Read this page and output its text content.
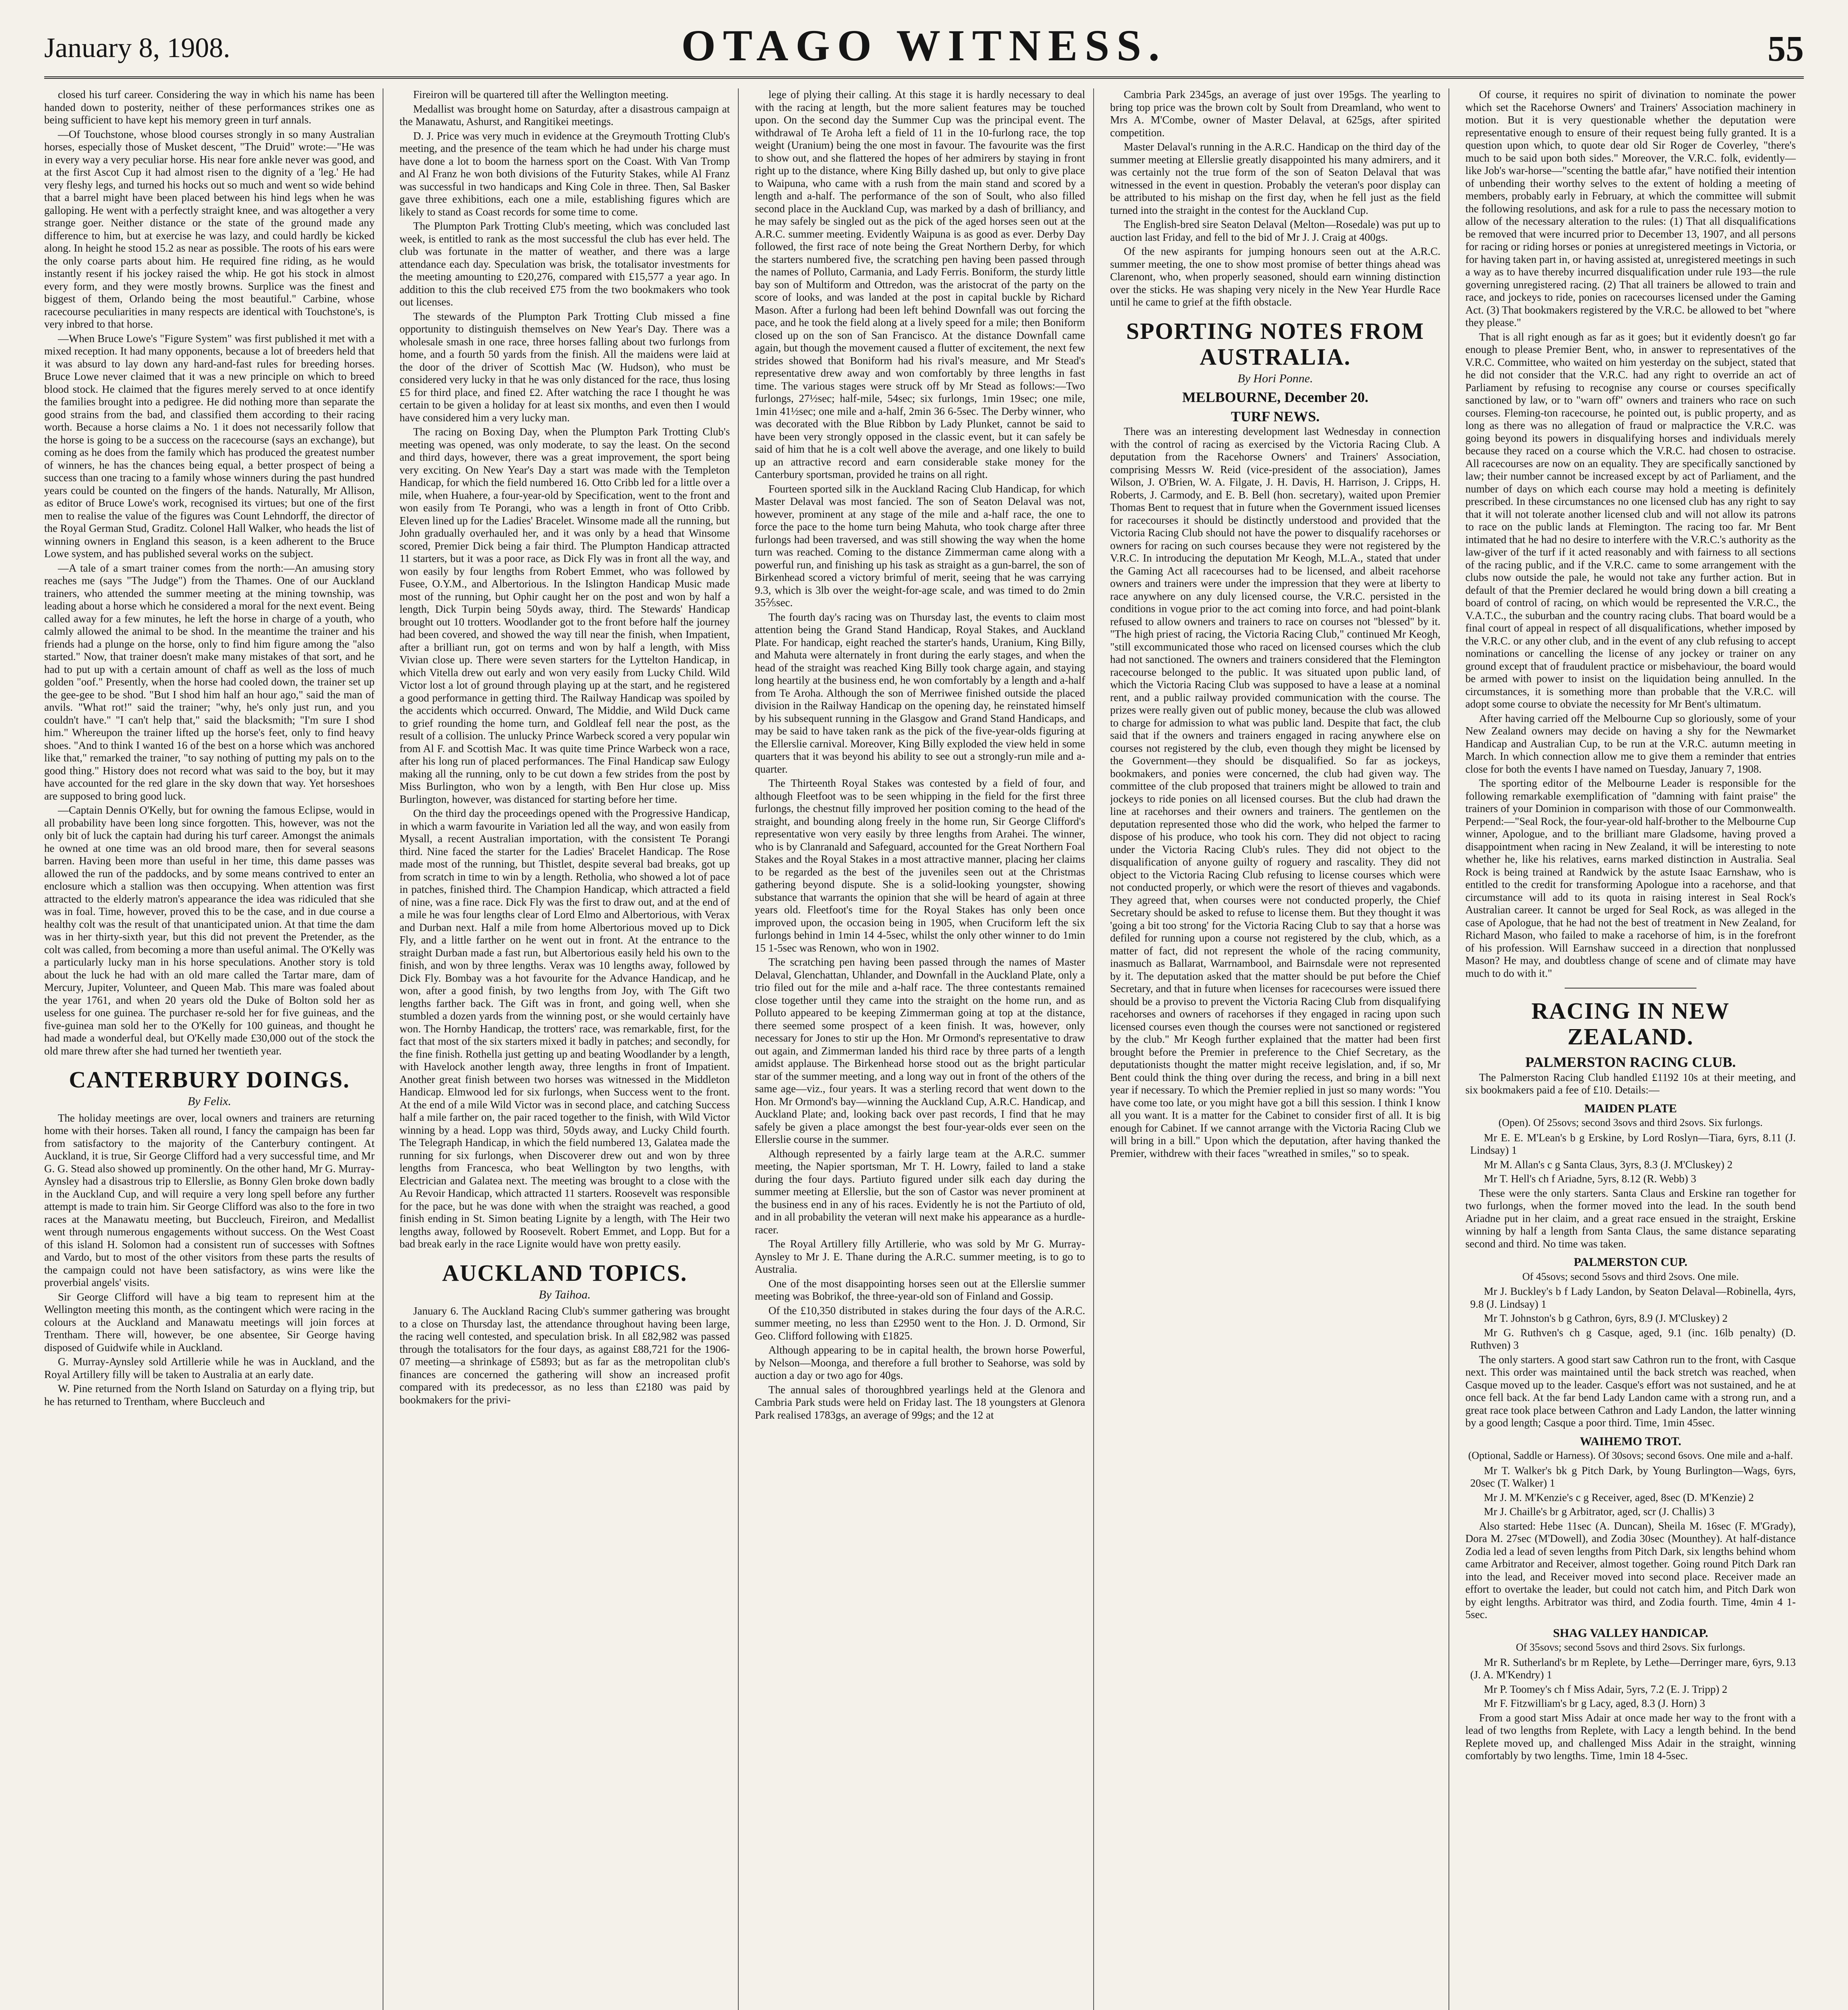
January 8, 1908.	OTAGO WITNESS.	55

closed his turf career. Considering the way in which his name has been handed down to posterity, neither of these performances strikes one as being sufficient to have kept his memory green in turf annals.

—Of Touchstone, whose blood courses strongly in so many Australian horses, especially those of Musket descent, "The Druid" wrote:—"He was in every way a very peculiar horse. His near fore ankle never was good, and at the first Ascot Cup it had almost risen to the dignity of a 'leg.' He had very fleshy legs, and turned his hocks out so much and went so wide behind that a barrel might have been placed between his hind legs when he was galloping. He went with a perfectly straight knee, and was altogether a very strange goer. Neither distance or the state of the ground made any difference to him, but at exercise he was lazy, and could hardly be kicked along. In height he stood 15.2 as near as possible. The roots of his ears were the only coarse parts about him. He required fine riding, as he would instantly resent if his jockey raised the whip. He got his stock in almost every form, and they were mostly browns. Surplice was the finest and biggest of them, Orlando being the most beautiful." Carbine, whose racecourse peculiarities in many respects are identical with Touchstone's, is very inbred to that horse.

—When Bruce Lowe's "Figure System" was first published it met with a mixed reception. It had many opponents, because a lot of breeders held that it was absurd to lay down any hard-and-fast rules for breeding horses. Bruce Lowe never claimed that it was a new principle on which to breed blood stock. He claimed that the figures merely served to at once identify the families brought into a pedigree. He did nothing more than separate the good strains from the bad, and classified them according to their racing worth. Because a horse claims a No. 1 it does not necessarily follow that the horse is going to be a success on the racecourse (says an exchange), but coming as he does from the family which has produced the greatest number of winners, he has the chances being equal, a better prospect of being a success than one tracing to a family whose winners during the past hundred years could be counted on the fingers of the hands. Naturally, Mr Allison, as editor of Bruce Lowe's work, recognised its virtues; but one of the first men to realise the value of the figures was Count Lehndorff, the director of the Royal German Stud, Graditz. Colonel Hall Walker, who heads the list of winning owners in England this season, is a keen adherent to the Bruce Lowe system, and has published several works on the subject.

—A tale of a smart trainer comes from the north:—An amusing story reaches me (says "The Judge") from the Thames. One of our Auckland trainers, who attended the summer meeting at the mining township, was leading about a horse which he considered a moral for the next event. Being called away for a few minutes, he left the horse in charge of a youth, who calmly allowed the animal to be shod. In the meantime the trainer and his friends had a plunge on the horse, only to find him figure among the "also started." Now, that trainer doesn't make many mistakes of that sort, and he had to put up with a certain amount of chaff as well as the loss of much golden "oof." Presently, when the horse had cooled down, the trainer set up the gee-gee to be shod. "But I shod him half an hour ago," said the man of anvils. "What rot!" said the trainer; "why, he's only just run, and you couldn't have." "I can't help that," said the blacksmith; "I'm sure I shod him." Whereupon the trainer lifted up the horse's feet, only to find heavy shoes. "And to think I wanted 16 of the best on a horse which was anchored like that," remarked the trainer, "to say nothing of putting my pals on to the good thing." History does not record what was said to the boy, but it may have accounted for the red glare in the sky down that way. Yet horseshoes are supposed to bring good luck.

—Captain Dennis O'Kelly, but for owning the famous Eclipse, would in all probability have been long since forgotten. This, however, was not the only bit of luck the captain had during his turf career. Amongst the animals he owned at one time was an old brood mare, then for several seasons barren. Having been more than useful in her time, this dame passes was allowed the run of the paddocks, and by some means contrived to enter an enclosure which a stallion was then occupying. When attention was first attracted to the elderly matron's appearance the idea was ridiculed that she was in foal. Time, however, proved this to be the case, and in due course a healthy colt was the result of that unanticipated union. At that time the dam was in her thirty-sixth year, but this did not prevent the Pretender, as the colt was called, from becoming a more than useful animal. The O'Kelly was a particularly lucky man in his horse speculations. Another story is told about the luck he had with an old mare called the Tartar mare, dam of Mercury, Jupiter, Volunteer, and Queen Mab. This mare was foaled about the year 1761, and when 20 years old the Duke of Bolton sold her as useless for one guinea. The purchaser re-sold her for five guineas, and the five-guinea man sold her to the O'Kelly for 100 guineas, and thought he had made a wonderful deal, but O'Kelly made £30,000 out of the stock the old mare threw after she had turned her twentieth year.

CANTERBURY DOINGS.
By Felix.

The holiday meetings are over, local owners and trainers are returning home with their horses. Taken all round, I fancy the campaign has been far from satisfactory to the majority of the Canterbury contingent. At Auckland, it is true, Sir George Clifford had a very successful time, and Mr G. G. Stead also showed up prominently. On the other hand, Mr G. Murray-Aynsley had a disastrous trip to Ellerslie, as Bonny Glen broke down badly in the Auckland Cup, and will require a very long spell before any further attempt is made to train him. Sir George Clifford was also to the fore in two races at the Manawatu meeting, but Buccleuch, Fireiron, and Medallist went through numerous engagements without success. On the West Coast of this island H. Solomon had a consistent run of successes with Softnes and Vardo, but to most of the other visitors from these parts the results of the campaign could not have been satisfactory, as wins were like the proverbial angels' visits.

Sir George Clifford will have a big team to represent him at the Wellington meeting this month, as the contingent which were racing in the colours at the Auckland and Manawatu meetings will join forces at Trentham. There will, however, be one absentee, Sir George having disposed of Guidwife while in Auckland.

G. Murray-Aynsley sold Artillerie while he was in Auckland, and the Royal Artillery filly will be taken to Australia at an early date.

W. Pine returned from the North Island on Saturday on a flying trip, but he has returned to Trentham, where Buccleuch and

Fireiron will be quartered till after the Wellington meeting.

Medallist was brought home on Saturday, after a disastrous campaign at the Manawatu, Ashurst, and Rangitikei meetings.

D. J. Price was very much in evidence at the Greymouth Trotting Club's meeting, and the presence of the team which he had under his charge must have done a lot to boom the harness sport on the Coast. With Van Tromp and Al Franz he won both divisions of the Futurity Stakes, while Al Franz was successful in two handicaps and King Cole in three. Then, Sal Basker gave three exhibitions, each one a mile, establishing figures which are likely to stand as Coast records for some time to come.

The Plumpton Park Trotting Club's meeting, which was concluded last week, is entitled to rank as the most successful the club has ever held. The club was fortunate in the matter of weather, and there was a large attendance each day. Speculation was brisk, the totalisator investments for the meeting amounting to £20,276, compared with £15,577 a year ago. In addition to this the club received £75 from the two bookmakers who took out licenses.

The stewards of the Plumpton Park Trotting Club missed a fine opportunity to distinguish themselves on New Year's Day. There was a wholesale smash in one race, three horses falling about two furlongs from home, and a fourth 50 yards from the finish. All the maidens were laid at the door of the driver of Scottish Mac (W. Hudson), who must be considered very lucky in that he was only distanced for the race, thus losing £5 for third place, and fined £2. After watching the race I thought he was certain to be given a holiday for at least six months, and even then I would have considered him a very lucky man.

The racing on Boxing Day, when the Plumpton Park Trotting Club's meeting was opened, was only moderate, to say the least. On the second and third days, however, there was a great improvement, the sport being very exciting. On New Year's Day a start was made with the Templeton Handicap, for which the field numbered 16. Otto Cribb led for a little over a mile, when Huahere, a four-year-old by Specification, went to the front and won easily from Te Porangi, who was a length in front of Otto Cribb. Eleven lined up for the Ladies' Bracelet. Winsome made all the running, but John gradually overhauled her, and it was only by a head that Winsome scored, Premier Dick being a fair third. The Plumpton Handicap attracted 11 starters, but it was a poor race, as Dick Fly was in front all the way, and won easily by four lengths from Robert Emmet, who was followed by Fusee, O.Y.M., and Albertorious. In the Islington Handicap Music made most of the running, but Ophir caught her on the post and won by half a length, Dick Turpin being 50yds away, third. The Stewards' Handicap brought out 10 trotters. Woodlander got to the front before half the journey had been covered, and showed the way till near the finish, when Impatient, after a brilliant run, got on terms and won by half a length, with Miss Vivian close up. There were seven starters for the Lyttelton Handicap, in which Vitella drew out early and won very easily from Lucky Child. Wild Victor lost a lot of ground through playing up at the start, and he registered a good performance in getting third. The Railway Handicap was spoiled by the accidents which occurred. Onward, The Middie, and Wild Duck came to grief rounding the home turn, and Goldleaf fell near the post, as the result of a collision. The unlucky Prince Warbeck scored a very popular win from Al F. and Scottish Mac. It was quite time Prince Warbeck won a race, after his long run of placed performances. The Final Handicap saw Eulogy making all the running, only to be cut down a few strides from the post by Miss Burlington, who won by a length, with Ben Hur close up. Miss Burlington, however, was distanced for starting before her time.

On the third day the proceedings opened with the Progressive Handicap, in which a warm favourite in Variation led all the way, and won easily from Mysall, a recent Australian importation, with the consistent Te Porangi third. Nine faced the starter for the Ladies' Bracelet Handicap. The Rose made most of the running, but Thistlet, despite several bad breaks, got up from scratch in time to win by a length. Retholia, who showed a lot of pace in patches, finished third. The Champion Handicap, which attracted a field of nine, was a fine race. Dick Fly was the first to draw out, and at the end of a mile he was four lengths clear of Lord Elmo and Albertorious, with Verax and Durban next. Half a mile from home Albertorious moved up to Dick Fly, and a little farther on he went out in front. At the entrance to the straight Durban made a fast run, but Albertorious easily held his own to the finish, and won by three lengths. Verax was 10 lengths away, followed by Dick Fly. Bombay was a hot favourite for the Advance Handicap, and he won, after a good finish, by two lengths from Joy, with The Gift two lengths farther back. The Gift was in front, and going well, when she stumbled a dozen yards from the winning post, or she would certainly have won. The Hornby Handicap, the trotters' race, was remarkable, first, for the fact that most of the six starters mixed it badly in patches; and secondly, for the fine finish. Rothella just getting up and beating Woodlander by a length, with Havelock another length away, three lengths in front of Impatient. Another great finish between two horses was witnessed in the Middleton Handicap. Elmwood led for six furlongs, when Success went to the front. At the end of a mile Wild Victor was in second place, and catching Success half a mile farther on, the pair raced together to the finish, with Wild Victor winning by a head. Lopp was third, 50yds away, and Lucky Child fourth. The Telegraph Handicap, in which the field numbered 13, Galatea made the running for six furlongs, when Discoverer drew out and won by three lengths from Francesca, who beat Wellington by two lengths, with Electrician and Galatea next. The meeting was brought to a close with the Au Revoir Handicap, which attracted 11 starters. Roosevelt was responsible for the pace, but he was done with when the straight was reached, a good finish ending in St. Simon beating Lignite by a length, with The Heir two lengths away, followed by Roosevelt. Robert Emmet, and Lopp. But for a bad break early in the race Lignite would have won pretty easily.

AUCKLAND TOPICS.
By Taihoa.

January 6. The Auckland Racing Club's summer gathering was brought to a close on Thursday last, the attendance throughout having been large, the racing well contested, and speculation brisk. In all £82,982 was passed through the totalisators for the four days, as against £88,721 for the 1906-07 meeting—a shrinkage of £5893; but as far as the metropolitan club's finances are concerned the gathering will show an increased profit compared with its predecessor, as no less than £2180 was paid by bookmakers for the privi-

lege of plying their calling. At this stage it is hardly necessary to deal with the racing at length, but the more salient features may be touched upon. On the second day the Summer Cup was the principal event. The withdrawal of Te Aroha left a field of 11 in the 10-furlong race, the top weight (Uranium) being the one most in favour. The favourite was the first to show out, and she flattered the hopes of her admirers by staying in front right up to the distance, where King Billy dashed up, but only to give place to Waipuna, who came with a rush from the main stand and scored by a length and a-half. The performance of the son of Soult, who also filled second place in the Auckland Cup, was marked by a dash of brilliancy, and he may safely be singled out as the pick of the aged horses seen out at the A.R.C. summer meeting. Evidently Waipuna is as good as ever. Derby Day followed, the first race of note being the Great Northern Derby, for which the starters numbered five, the scratching pen having been passed through the names of Polluto, Carmania, and Lady Ferris. Boniform, the sturdy little bay son of Multiform and Ottredon, was the aristocrat of the party on the score of looks, and was landed at the post in capital buckle by Richard Mason. After a furlong had been left behind Downfall was out forcing the pace, and he took the field along at a lively speed for a mile; then Boniform closed up on the son of San Francisco. At the distance Downfall came again, but though the movement caused a flutter of excitement, the next few strides showed that Boniform had his rival's measure, and Mr Stead's representative drew away and won comfortably by three lengths in fast time. The various stages were struck off by Mr Stead as follows:—Two furlongs, 27½sec; half-mile, 54sec; six furlongs, 1min 19sec; one mile, 1min 41½sec; one mile and a-half, 2min 36 6-5sec. The Derby winner, who was decorated with the Blue Ribbon by Lady Plunket, cannot be said to have been very strongly opposed in the classic event, but it can safely be said of him that he is a colt well above the average, and one likely to build up an attractive record and earn considerable stake money for the Canterbury sportsman, provided he trains on all right.

Fourteen sported silk in the Auckland Racing Club Handicap, for which Master Delaval was most fancied. The son of Seaton Delaval was not, however, prominent at any stage of the mile and a-half race, the one to force the pace to the home turn being Mahuta, who took charge after three furlongs had been traversed, and was still showing the way when the home turn was reached. Coming to the distance Zimmerman came along with a powerful run, and finishing up his task as straight as a gun-barrel, the son of Birkenhead scored a victory brimful of merit, seeing that he was carrying 9.3, which is 3lb over the weight-for-age scale, and was timed to do 2min 35⅖sec.

The fourth day's racing was on Thursday last, the events to claim most attention being the Grand Stand Handicap, Royal Stakes, and Auckland Plate. For handicap, eight reached the starter's hands, Uranium, King Billy, and Mahuta were alternately in front during the early stages, and when the head of the straight was reached King Billy took charge again, and staying long heartily at the business end, he won comfortably by a length and a-half from Te Aroha. Although the son of Merriwee finished outside the placed division in the Railway Handicap on the opening day, he reinstated himself by his subsequent running in the Glasgow and Grand Stand Handicaps, and may be said to have taken rank as the pick of the five-year-olds figuring at the Ellerslie carnival. Moreover, King Billy exploded the view held in some quarters that it was beyond his ability to see out a strongly-run mile and a-quarter.

The Thirteenth Royal Stakes was contested by a field of four, and although Fleetfoot was to be seen whipping in the field for the first three furlongs, the chestnut filly improved her position coming to the head of the straight, and bounding along freely in the home run, Sir George Clifford's representative won very easily by three lengths from Arahei. The winner, who is by Clanranald and Safeguard, accounted for the Great Northern Foal Stakes and the Royal Stakes in a most attractive manner, placing her claims to be regarded as the best of the juveniles seen out at the Christmas gathering beyond dispute. She is a solid-looking youngster, showing substance that warrants the opinion that she will be heard of again at three years old. Fleetfoot's time for the Royal Stakes has only been once improved upon, the occasion being in 1905, when Cruciform left the six furlongs behind in 1min 14 4-5sec, whilst the only other winner to do 1min 15 1-5sec was Renown, who won in 1902.

The scratching pen having been passed through the names of Master Delaval, Glenchattan, Uhlander, and Downfall in the Auckland Plate, only a trio filed out for the mile and a-half race. The three contestants remained close together until they came into the straight on the home run, and as Polluto appeared to be keeping Zimmerman going at top at the distance, there seemed some prospect of a keen finish. It was, however, only necessary for Jones to stir up the Hon. Mr Ormond's representative to draw out again, and Zimmerman landed his third race by three parts of a length amidst applause. The Birkenhead horse stood out as the bright particular star of the summer meeting, and a long way out in front of the others of the same age—viz., four years. It was a sterling record that went down to the Hon. Mr Ormond's bay—winning the Auckland Cup, A.R.C. Handicap, and Auckland Plate; and, looking back over past records, I find that he may safely be given a place amongst the best four-year-olds ever seen on the Ellerslie course in the summer.

Although represented by a fairly large team at the A.R.C. summer meeting, the Napier sportsman, Mr T. H. Lowry, failed to land a stake during the four days. Partiuto figured under silk each day during the summer meeting at Ellerslie, but the son of Castor was never prominent at the business end in any of his races. Evidently he is not the Partiuto of old, and in all probability the veteran will next make his appearance as a hurdle-racer.

The Royal Artillery filly Artillerie, who was sold by Mr G. Murray-Aynsley to Mr J. E. Thane during the A.R.C. summer meeting, is to go to Australia.

One of the most disappointing horses seen out at the Ellerslie summer meeting was Bobrikof, the three-year-old son of Finland and Gossip.

Of the £10,350 distributed in stakes during the four days of the A.R.C. summer meeting, no less than £2950 went to the Hon. J. D. Ormond, Sir Geo. Clifford following with £1825.

Although appearing to be in capital health, the brown horse Powerful, by Nelson—Moonga, and therefore a full brother to Seahorse, was sold by auction a day or two ago for 40gs.

The annual sales of thoroughbred yearlings held at the Glenora and Cambria Park studs were held on Friday last. The 18 youngsters at Glenora Park realised 1783gs, an average of 99gs; and the 12 at

Cambria Park 2345gs, an average of just over 195gs. The yearling to bring top price was the brown colt by Soult from Dreamland, who went to Mrs A. M'Combe, owner of Master Delaval, at 625gs, after spirited competition.

Master Delaval's running in the A.R.C. Handicap on the third day of the summer meeting at Ellerslie greatly disappointed his many admirers, and it was certainly not the true form of the son of Seaton Delaval that was witnessed in the event in question. Probably the veteran's poor display can be attributed to his mishap on the first day, when he fell just as the field turned into the straight in the contest for the Auckland Cup.

The English-bred sire Seaton Delaval (Melton—Rosedale) was put up to auction last Friday, and fell to the bid of Mr J. J. Craig at 400gs.

Of the new aspirants for jumping honours seen out at the A.R.C. summer meeting, the one to show most promise of better things ahead was Clarenont, who, when properly seasoned, should earn winning distinction over the sticks. He was shaping very nicely in the New Year Hurdle Race until he came to grief at the fifth obstacle.

SPORTING NOTES FROM AUSTRALIA.
By Hori Ponne.
MELBOURNE, December 20.
TURF NEWS.

There was an interesting development last Wednesday in connection with the control of racing as exercised by the Victoria Racing Club. A deputation from the Racehorse Owners' and Trainers' Association, comprising Messrs W. Reid (vice-president of the association), James Wilson, J. O'Brien, W. A. Filgate, J. H. Davis, H. Harrison, J. Cripps, H. Roberts, J. Carmody, and E. B. Bell (hon. secretary), waited upon Premier Thomas Bent to request that in future when the Government issued licenses for racecourses it should be distinctly understood and provided that the Victoria Racing Club should not have the power to disqualify racehorses or owners for racing on such courses because they were not registered by the V.R.C. In introducing the deputation Mr Keogh, M.L.A., stated that under the Gaming Act all racecourses had to be licensed, and albeit racehorse owners and trainers were under the impression that they were at liberty to race anywhere on any duly licensed course, the V.R.C. persisted in the conditions in vogue prior to the act coming into force, and had point-blank refused to allow owners and trainers to race on courses not "blessed" by it. "The high priest of racing, the Victoria Racing Club," continued Mr Keogh, "still excommunicated those who raced on licensed courses which the club had not sanctioned. The owners and trainers considered that the Flemington racecourse belonged to the public. It was situated upon public land, of which the Victoria Racing Club was supposed to have a lease at a nominal rent, and a public railway provided communication with the course. The prizes were really given out of public money, because the club was allowed to charge for admission to what was public land. Despite that fact, the club said that if the owners and trainers engaged in racing anywhere else on courses not registered by the club, even though they might be licensed by the Government—they should be disqualified. So far as jockeys, bookmakers, and ponies were concerned, the club had given way. The committee of the club proposed that trainers might be allowed to train and jockeys to ride ponies on all licensed courses. But the club had drawn the line at racehorses and their owners and trainers. The gentlemen on the deputation represented those who did the work, who helped the farmer to dispose of his produce, who took his corn. They did not object to racing under the Victoria Racing Club's rules. They did not object to the disqualification of anyone guilty of roguery and rascality. They did not object to the Victoria Racing Club refusing to license courses which were not conducted properly, or which were the resort of thieves and vagabonds. They agreed that, when courses were not conducted properly, the Chief Secretary should be asked to refuse to license them. But they thought it was 'going a bit too strong' for the Victoria Racing Club to say that a horse was defiled for running upon a course not registered by the club, which, as a matter of fact, did not represent the whole of the racing community, inasmuch as Ballarat, Warrnambool, and Bairnsdale were not represented by it. The deputation asked that the matter should be put before the Chief Secretary, and that in future when licenses for racecourses were issued there should be a proviso to prevent the Victoria Racing Club from disqualifying racehorses and owners of racehorses if they engaged in racing upon such licensed courses even though the courses were not sanctioned or registered by the club." Mr Keogh further explained that the matter had been first brought before the Premier in preference to the Chief Secretary, as the deputationists thought the matter might receive legislation, and, if so, Mr Bent could think the thing over during the recess, and bring in a bill next year if necessary. To which the Premier replied in just so many words: "You have come too late, or you might have got a bill this session. I think I know all you want. It is a matter for the Cabinet to consider first of all. It is big enough for Cabinet. If we cannot arrange with the Victoria Racing Club we will bring in a bill." Upon which the deputation, after having thanked the Premier, withdrew with their faces "wreathed in smiles," so to speak.

Of course, it requires no spirit of divination to nominate the power which set the Racehorse Owners' and Trainers' Association machinery in motion. But it is very questionable whether the deputation were representative enough to ensure of their request being fully granted. It is a question upon which, to quote dear old Sir Roger de Coverley, "there's much to be said upon both sides." Moreover, the V.R.C. folk, evidently—like Job's war-horse—"scenting the battle afar," have notified their intention of unbending their worthy selves to the extent of holding a meeting of members, probably early in February, at which the committee will submit the following resolutions, and ask for a rule to pass the necessary motion to allow of the necessary alteration to the rules: (1) That all disqualifications be removed that were incurred prior to December 13, 1907, and all persons for racing or riding horses or ponies at unregistered meetings in Victoria, or for having taken part in, or having assisted at, unregistered meetings in such a way as to have thereby incurred disqualification under rule 193—the rule governing unregistered racing. (2) That all trainers be allowed to train and race, and jockeys to ride, ponies on racecourses licensed under the Gaming Act. (3) That bookmakers registered by the V.R.C. be allowed to bet "where they please."

That is all right enough as far as it goes; but it evidently doesn't go far enough to please Premier Bent, who, in answer to representatives of the V.R.C. Committee, who waited on him yesterday on the subject, stated that he did not consider that the V.R.C. had any right to override an act of Parliament by refusing to recognise any course or courses specifically sanctioned by law, or to "warn off" owners and trainers who race on such courses. Fleming-ton racecourse, he pointed out, is public property, and as long as there was no allegation of fraud or malpractice the V.R.C. was going beyond its powers in disqualifying horses and individuals merely because they raced on a course which the V.R.C. had chosen to ostracise. All racecourses are now on an equality. They are specifically sanctioned by law; their number cannot be increased except by act of Parliament, and the number of days on which each course may hold a meeting is definitely prescribed. In these circumstances no one licensed club has any right to say that it will not tolerate another licensed club and will not allow its patrons to race on the public lands at Flemington. The racing too far. Mr Bent intimated that he had no desire to interfere with the V.R.C.'s authority as the law-giver of the turf if it acted reasonably and with fairness to all sections of the racing public, and if the V.R.C. came to some arrangement with the clubs now outside the pale, he would not take any further action. But in default of that the Premier declared he would bring down a bill creating a board of control of racing, on which would be represented the V.R.C., the V.A.T.C., the suburban and the country racing clubs. That board would be a final court of appeal in respect of all disqualifications, whether imposed by the V.R.C. or any other club, and in the event of any club refusing to accept nominations or cancelling the license of any jockey or trainer on any ground except that of fraudulent practice or misbehaviour, the board would be armed with power to insist on the liquidation being annulled. In the circumstances, it is something more than probable that the V.R.C. will adopt some course to obviate the necessity for Mr Bent's ultimatum.

After having carried off the Melbourne Cup so gloriously, some of your New Zealand owners may decide on having a shy for the Newmarket Handicap and Australian Cup, to be run at the V.R.C. autumn meeting in March. In which connection allow me to give them a reminder that entries close for both the events I have named on Tuesday, January 7, 1908.

The sporting editor of the Melbourne Leader is responsible for the following remarkable exemplification of "damning with faint praise" the trainers of your Dominion in comparison with those of our Commonwealth. Perpend:—"Seal Rock, the four-year-old half-brother to the Melbourne Cup winner, Apologue, and to the brilliant mare Gladsome, having proved a disappointment when racing in New Zealand, it will be interesting to note whether he, like his relatives, earns marked distinction in Australia. Seal Rock is being trained at Randwick by the astute Isaac Earnshaw, who is entitled to the credit for transforming Apologue into a racehorse, and that circumstance will add to its quota in raising interest in Seal Rock's Australian career. It cannot be urged for Seal Rock, as was alleged in the case of Apologue, that he had not the best of treatment in New Zealand, for Richard Mason, who failed to make a racehorse of him, is in the forefront of his profession. Will Earnshaw succeed in a direction that nonplussed Mason? He may, and doubtless change of scene and of climate may have much to do with it."

RACING IN NEW ZEALAND.
PALMERSTON RACING CLUB.

The Palmerston Racing Club handled £1192 10s at their meeting, and six bookmakers paid a fee of £10. Details:—

MAIDEN PLATE
(Open). Of 25sovs; second 3sovs and third 2sovs. Six furlongs.

Mr E. E. M'Lean's b g Erskine, by Lord Roslyn—Tiara, 6yrs, 8.11 (J. Lindsay) 1

Mr M. Allan's c g Santa Claus, 3yrs, 8.3 (J. M'Cluskey) 2

Mr T. Hell's ch f Ariadne, 5yrs, 8.12 (R. Webb) 3

These were the only starters. Santa Claus and Erskine ran together for two furlongs, when the former moved into the lead. In the south bend Ariadne put in her claim, and a great race ensued in the straight, Erskine winning by half a length from Santa Claus, the same distance separating second and third. No time was taken.

PALMERSTON CUP.
Of 45sovs; second 5sovs and third 2sovs. One mile.

Mr J. Buckley's b f Lady Landon, by Seaton Delaval—Robinella, 4yrs, 9.8 (J. Lindsay) 1

Mr T. Johnston's b g Cathron, 6yrs, 8.9 (J. M'Cluskey) 2

Mr G. Ruthven's ch g Casque, aged, 9.1 (inc. 16lb penalty) (D. Ruthven) 3

The only starters. A good start saw Cathron run to the front, with Casque next. This order was maintained until the back stretch was reached, when Casque moved up to the leader. Casque's effort was not sustained, and he at once fell back. At the far bend Lady Landon came with a strong run, and a great race took place between Cathron and Lady Landon, the latter winning by a good length; Casque a poor third. Time, 1min 45sec.

WAIHEMO TROT.
(Optional, Saddle or Harness). Of 30sovs; second 6sovs. One mile and a-half.

Mr T. Walker's bk g Pitch Dark, by Young Burlington—Wags, 6yrs, 20sec (T. Walker) 1

Mr J. M. M'Kenzie's c g Receiver, aged, 8sec (D. M'Kenzie) 2

Mr J. Chaille's br g Arbitrator, aged, scr (J. Challis) 3

Also started: Hebe 11sec (A. Duncan), Sheila M. 16sec (F. M'Grady), Dora M. 27sec (M'Dowell), and Zodia 30sec (Mounthey). At half-distance Zodia led a lead of seven lengths from Pitch Dark, six lengths behind whom came Arbitrator and Receiver, almost together. Going round Pitch Dark ran into the lead, and Receiver moved into second place. Receiver made an effort to overtake the leader, but could not catch him, and Pitch Dark won by eight lengths. Arbitrator was third, and Zodia fourth. Time, 4min 4 1-5sec.

SHAG VALLEY HANDICAP.
Of 35sovs; second 5sovs and third 2sovs. Six furlongs.

Mr R. Sutherland's br m Replete, by Lethe—Derringer mare, 6yrs, 9.13 (J. A. M'Kendry) 1

Mr P. Toomey's ch f Miss Adair, 5yrs, 7.2 (E. J. Tripp) 2

Mr F. Fitzwilliam's br g Lacy, aged, 8.3 (J. Horn) 3

From a good start Miss Adair at once made her way to the front with a lead of two lengths from Replete, with Lacy a length behind. In the bend Replete moved up, and challenged Miss Adair in the straight, winning comfortably by two lengths. Time, 1min 18 4-5sec.
